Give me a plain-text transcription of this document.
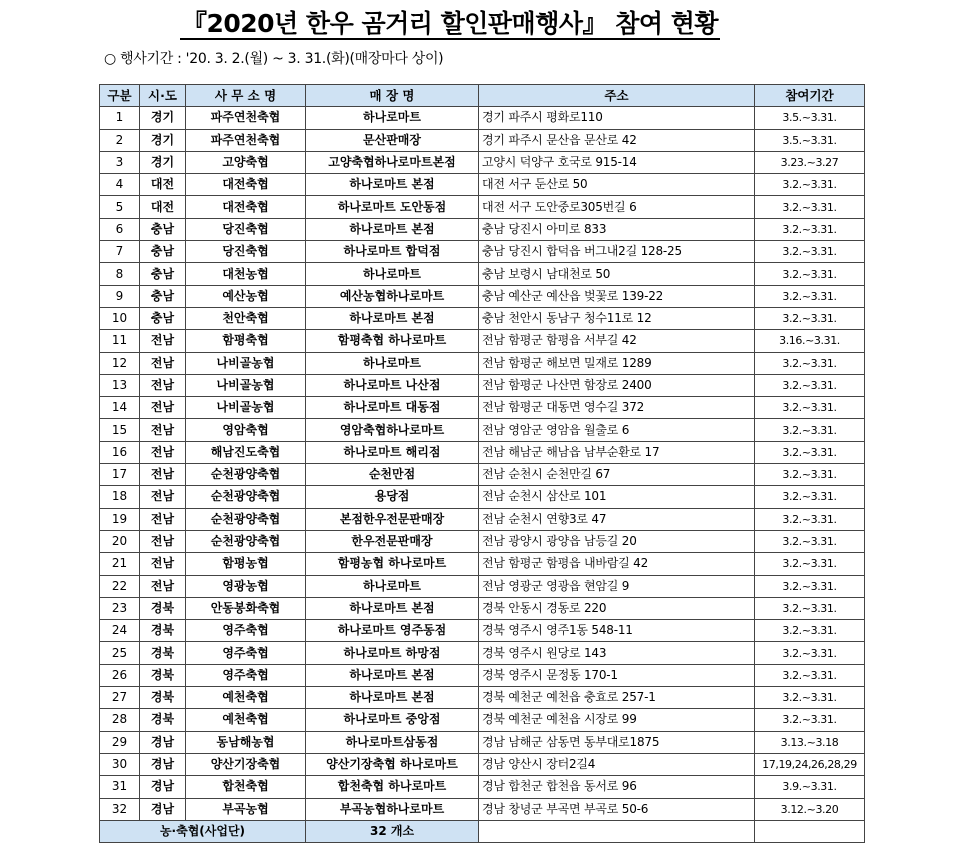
『2020년 한우 곰거리 할인판매행사』 참여 현황
○ 행사기간 : '20. 3. 2.(월) ~ 3. 31.(화)(매장마다 상이)
구분	시·도	사 무 소 명	매 장 명	주소	참여기간
1	경기	파주연천축협	하나로마트	경기 파주시 평화로110	3.5.~3.31.
2	경기	파주연천축협	문산판매장	경기 파주시 문산읍 문산로 42	3.5.~3.31.
3	경기	고양축협	고양축협하나로마트본점	고양시 덕양구 호국로 915-14	3.23.~3.27
4	대전	대전축협	하나로마트 본점	대전 서구 둔산로 50	3.2.~3.31.
5	대전	대전축협	하나로마트 도안동점	대전 서구 도안중로305번길 6	3.2.~3.31.
6	충남	당진축협	하나로마트 본점	충남 당진시 아미로 833	3.2.~3.31.
7	충남	당진축협	하나로마트 합덕점	충남 당진시 합덕읍 버그내2길 128-25	3.2.~3.31.
8	충남	대천농협	하나로마트	충남 보령시 남대천로 50	3.2.~3.31.
9	충남	예산농협	예산농협하나로마트	충남 예산군 예산읍 벚꽃로 139-22	3.2.~3.31.
10	충남	천안축협	하나로마트 본점	충남 천안시 동남구 청수11로 12	3.2.~3.31.
11	전남	함평축협	함평축협 하나로마트	전남 함평군 함평읍 서부길 42	3.16.~3.31.
12	전남	나비골농협	하나로마트	전남 함평군 해보면 밀재로 1289	3.2.~3.31.
13	전남	나비골농협	하나로마트 나산점	전남 함평군 나산면 함장로 2400	3.2.~3.31.
14	전남	나비골농협	하나로마트 대동점	전남 함평군 대동면 영수길 372	3.2.~3.31.
15	전남	영암축협	영암축협하나로마트	전남 영암군 영암읍 월출로 6	3.2.~3.31.
16	전남	해남진도축협	하나로마트 해리점	전남 해남군 해남읍 남부순환로 17	3.2.~3.31.
17	전남	순천광양축협	순천만점	전남 순천시 순천만길 67	3.2.~3.31.
18	전남	순천광양축협	용당점	전남 순천시 삼산로 101	3.2.~3.31.
19	전남	순천광양축협	본점한우전문판매장	전남 순천시 연향3로 47	3.2.~3.31.
20	전남	순천광양축협	한우전문판매장	전남 광양시 광양읍 남등길 20	3.2.~3.31.
21	전남	함평농협	함평농협 하나로마트	전남 함평군 함평읍 내바람길 42	3.2.~3.31.
22	전남	영광농협	하나로마트	전남 영광군 영광읍 현암길 9	3.2.~3.31.
23	경북	안동봉화축협	하나로마트 본점	경북 안동시 경동로 220	3.2.~3.31.
24	경북	영주축협	하나로마트 영주동점	경북 영주시 영주1동 548-11	3.2.~3.31.
25	경북	영주축협	하나로마트 하망점	경북 영주시 원당로 143	3.2.~3.31.
26	경북	영주축협	하나로마트 본점	경북 영주시 문정동 170-1	3.2.~3.31.
27	경북	예천축협	하나로마트 본점	경북 예천군 예천읍 충효로 257-1	3.2.~3.31.
28	경북	예천축협	하나로마트 중앙점	경북 예천군 예천읍 시장로 99	3.2.~3.31.
29	경남	동남해농협	하나로마트삼동점	경남 남해군 삼동면 동부대로1875	3.13.~3.18
30	경남	양산기장축협	양산기장축협 하나로마트	경남 양산시 장터2길4	17,19,24,26,28,29
31	경남	합천축협	합천축협 하나로마트	경남 합천군 합천읍 동서로 96	3.9.~3.31.
32	경남	부곡농협	부곡농협하나로마트	경남 창녕군 부곡면 부곡로 50-6	3.12.~3.20
농·축협(사업단)			32 개소		
